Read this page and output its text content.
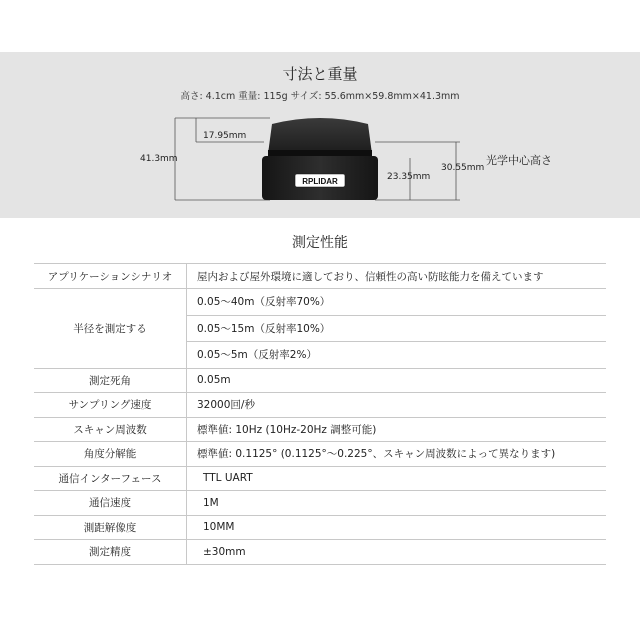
寸法と重量
高さ: 4.1cm 重量: 115g サイズ: 55.6mm×59.8mm×41.3mm
RPLIDAR
17.95mm
41.3mm
23.35mm
30.55mm
光学中心高さ
測定性能
アプリケーションシナリオ	屋内および屋外環境に適しており、信頼性の高い防眩能力を備えています
半径を測定する	0.05～40m（反射率70%）
	0.05～15m（反射率10%）
	0.05～5m（反射率2%）
測定死角	0.05m
サンプリング速度	32000回/秒
スキャン周波数	標準値: 10Hz (10Hz-20Hz 調整可能)
角度分解能	標準値: 0.1125° (0.1125°～0.225°、スキャン周波数によって異なります)
通信インターフェース	TTL UART
通信速度	1M
測距解像度	10MM
測定精度	±30mm
